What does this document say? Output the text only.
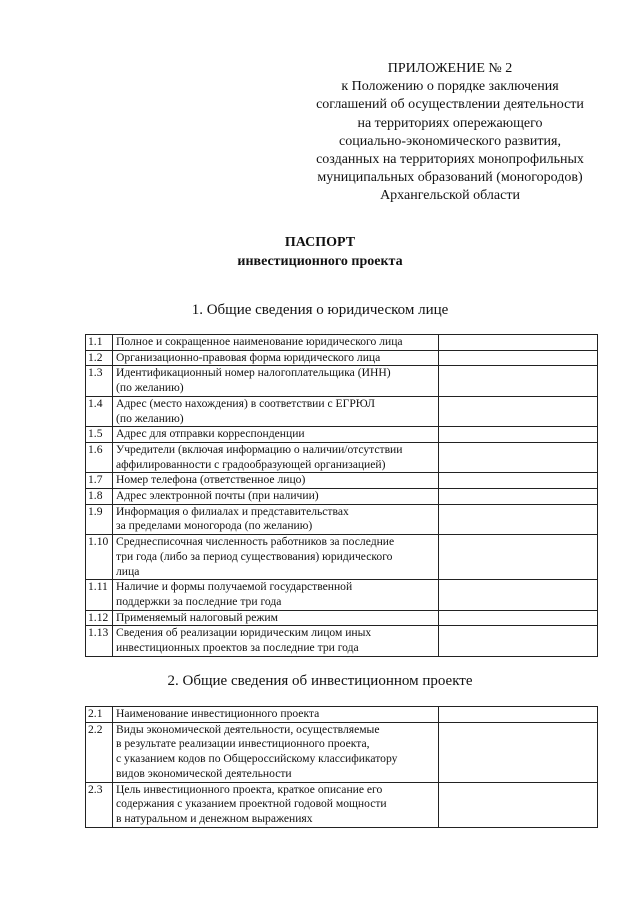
ПРИЛОЖЕНИЕ № 2
к Положению о порядке заключения
соглашений об осуществлении деятельности
на территориях опережающего
социально-экономического развития,
созданных на территориях монопрофильных
муниципальных образований (моногородов)
Архангельской области
ПАСПОРТ
инвестиционного проекта
1. Общие сведения о юридическом лице
1.1	Полное и сокращенное наименование юридического лица	

1.2	Организационно-правовая форма юридического лица	

1.3	Идентификационный номер налогоплательщика (ИНН)
(по желанию)	

1.4	Адрес (место нахождения) в соответствии с ЕГРЮЛ
(по желанию)	

1.5	Адрес для отправки корреспонденции	

1.6	Учредители (включая информацию о наличии/отсутствии
аффилированности с градообразующей организацией)	

1.7	Номер телефона (ответственное лицо)	

1.8	Адрес электронной почты (при наличии)	

1.9	Информация о филиалах и представительствах
за пределами моногорода (по желанию)	

1.10	Среднесписочная численность работников за последние
три года (либо за период существования) юридического
лица	

1.11	Наличие и формы получаемой государственной
поддержки за последние три года	

1.12	Применяемый налоговый режим	

1.13	Сведения об реализации юридическим лицом иных
инвестиционных проектов за последние три года	

2. Общие сведения об инвестиционном проекте
2.1	Наименование инвестиционного проекта	

2.2	Виды экономической деятельности, осуществляемые
в результате реализации инвестиционного проекта,
с указанием кодов по Общероссийскому классификатору
видов экономической деятельности	

2.3	Цель инвестиционного проекта, краткое описание его
содержания с указанием проектной годовой мощности
в натуральном и денежном выражениях	
